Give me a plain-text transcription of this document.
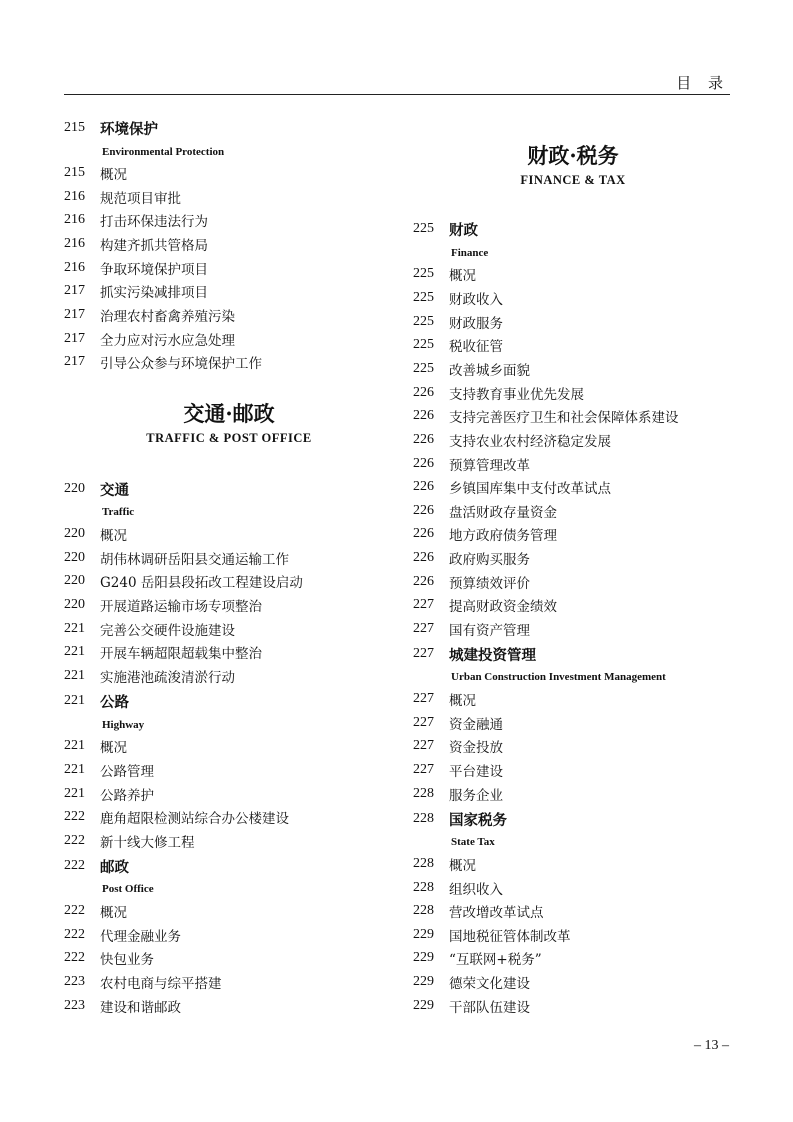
目 录
215	环境保护
Environmental Protection
215	概况
216	规范项目审批
216	打击环保违法行为
216	构建齐抓共管格局
216	争取环境保护项目
217	抓实污染减排项目
217	治理农村畜禽养殖污染
217	全力应对污水应急处理
217	引导公众参与环境保护工作
交通·邮政
TRAFFIC & POST OFFICE
220	交通
Traffic
220	概况
220	胡伟林调研岳阳县交通运输工作
220	G240 岳阳县段拓改工程建设启动
220	开展道路运输市场专项整治
221	完善公交硬件设施建设
221	开展车辆超限超载集中整治
221	实施港池疏浚清淤行动
221	公路
Highway
221	概况
221	公路管理
221	公路养护
222	鹿角超限检测站综合办公楼建设
222	新十线大修工程
222	邮政
Post Office
222	概况
222	代理金融业务
222	快包业务
223	农村电商与综平搭建
223	建设和谐邮政
财政·税务
FINANCE & TAX
225	财政
Finance
225	概况
225	财政收入
225	财政服务
225	税收征管
225	改善城乡面貌
226	支持教育事业优先发展
226	支持完善医疗卫生和社会保障体系建设
226	支持农业农村经济稳定发展
226	预算管理改革
226	乡镇国库集中支付改革试点
226	盘活财政存量资金
226	地方政府债务管理
226	政府购买服务
226	预算绩效评价
227	提高财政资金绩效
227	国有资产管理
227	城建投资管理
Urban Construction Investment Management
227	概况
227	资金融通
227	资金投放
227	平台建设
228	服务企业
228	国家税务
State Tax
228	概况
228	组织收入
228	营改增改革试点
229	国地税征管体制改革
229	“互联网+税务”
229	德荣文化建设
229	干部队伍建设
– 13 –
